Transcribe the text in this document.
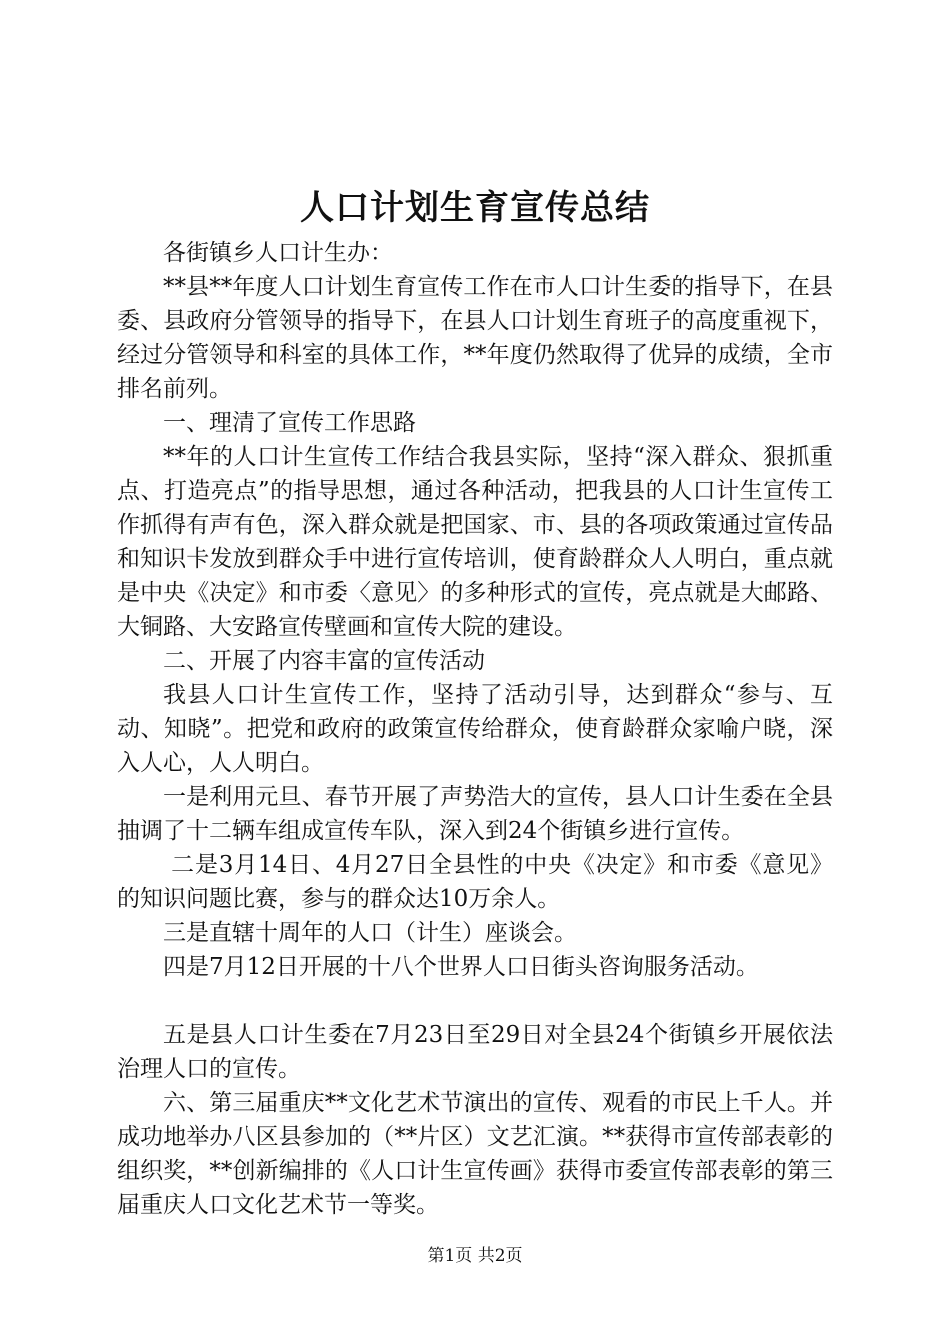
人口计划生育宣传总结

各街镇乡人口计生办：

**县**年度人口计划生育宣传工作在市人口计生委的指导下，在县委、县政府分管领导的指导下，在县人口计划生育班子的高度重视下，经过分管领导和科室的具体工作，**年度仍然取得了优异的成绩，全市排名前列。

一、理清了宣传工作思路

**年的人口计生宣传工作结合我县实际，坚持“深入群众、狠抓重点、打造亮点”的指导思想，通过各种活动，把我县的人口计生宣传工作抓得有声有色，深入群众就是把国家、市、县的各项政策通过宣传品和知识卡发放到群众手中进行宣传培训，使育龄群众人人明白，重点就是中央《决定》和市委〈意见〉的多种形式的宣传，亮点就是大邮路、大铜路、大安路宣传壁画和宣传大院的建设。

二、开展了内容丰富的宣传活动

我县人口计生宣传工作，坚持了活动引导，达到群众“参与、互动、知晓”。把党和政府的政策宣传给群众，使育龄群众家喻户晓，深入人心，人人明白。

一是利用元旦、春节开展了声势浩大的宣传，县人口计生委在全县抽调了十二辆车组成宣传车队，深入到24个街镇乡进行宣传。

二是3月14日、4月27日全县性的中央《决定》和市委《意见》的知识问题比赛，参与的群众达10万余人。

三是直辖十周年的人口（计生）座谈会。

四是7月12日开展的十八个世界人口日街头咨询服务活动。

五是县人口计生委在7月23日至29日对全县24个街镇乡开展依法治理人口的宣传。

六、第三届重庆**文化艺术节演出的宣传、观看的市民上千人。并成功地举办八区县参加的（**片区）文艺汇演。**获得市宣传部表彰的组织奖，**创新编排的《人口计生宣传画》获得市委宣传部表彰的第三届重庆人口文化艺术节一等奖。

第1页 共2页
